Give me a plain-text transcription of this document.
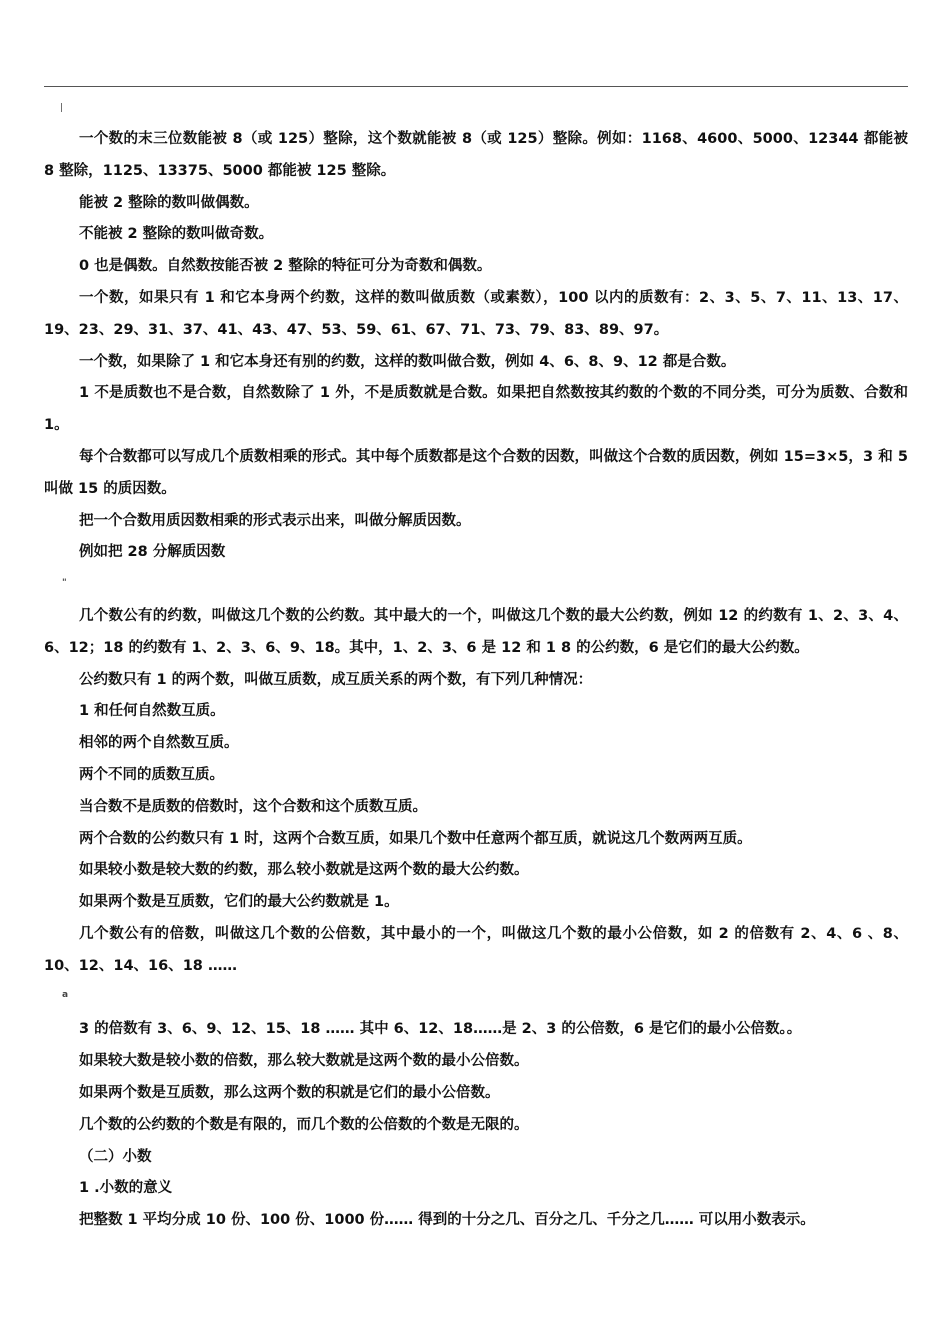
|

一个数的末三位数能被 8（或 125）整除，这个数就能被 8（或 125）整除。例如：1168、4600、5000、12344 都能被 8 整除，1125、13375、5000 都能被 125 整除。

能被 2 整除的数叫做偶数。

不能被 2 整除的数叫做奇数。

0 也是偶数。自然数按能否被 2 整除的特征可分为奇数和偶数。

一个数，如果只有 1 和它本身两个约数，这样的数叫做质数（或素数），100 以内的质数有：2、3、5、7、11、13、17、19、23、29、31、37、41、43、47、53、59、61、67、71、73、79、83、89、97。

一个数，如果除了 1 和它本身还有别的约数，这样的数叫做合数，例如 4、6、8、9、12 都是合数。

1 不是质数也不是合数，自然数除了 1 外，不是质数就是合数。如果把自然数按其约数的个数的不同分类，可分为质数、合数和 1。

每个合数都可以写成几个质数相乘的形式。其中每个质数都是这个合数的因数，叫做这个合数的质因数，例如 15=3×5，3 和 5 叫做 15 的质因数。

把一个合数用质因数相乘的形式表示出来，叫做分解质因数。

例如把 28 分解质因数

"

几个数公有的约数，叫做这几个数的公约数。其中最大的一个，叫做这几个数的最大公约数，例如 12 的约数有 1、2、3、4、6、12；18 的约数有 1、2、3、6、9、18。其中，1、2、3、6 是 12 和 1 8 的公约数，6 是它们的最大公约数。

公约数只有 1 的两个数，叫做互质数，成互质关系的两个数，有下列几种情况：

1 和任何自然数互质。

相邻的两个自然数互质。

两个不同的质数互质。

当合数不是质数的倍数时，这个合数和这个质数互质。

两个合数的公约数只有 1 时，这两个合数互质，如果几个数中任意两个都互质，就说这几个数两两互质。

如果较小数是较大数的约数，那么较小数就是这两个数的最大公约数。

如果两个数是互质数，它们的最大公约数就是 1。

几个数公有的倍数，叫做这几个数的公倍数，其中最小的一个，叫做这几个数的最小公倍数，如 2 的倍数有 2、4、6 、8、10、12、14、16、18 ……

a

3 的倍数有 3、6、9、12、15、18 …… 其中 6、12、18……是 2、3 的公倍数，6 是它们的最小公倍数。。

如果较大数是较小数的倍数，那么较大数就是这两个数的最小公倍数。

如果两个数是互质数，那么这两个数的积就是它们的最小公倍数。

几个数的公约数的个数是有限的，而几个数的公倍数的个数是无限的。

（二）小数

1 .小数的意义

把整数 1 平均分成 10 份、100 份、1000 份…… 得到的十分之几、百分之几、千分之几…… 可以用小数表示。
